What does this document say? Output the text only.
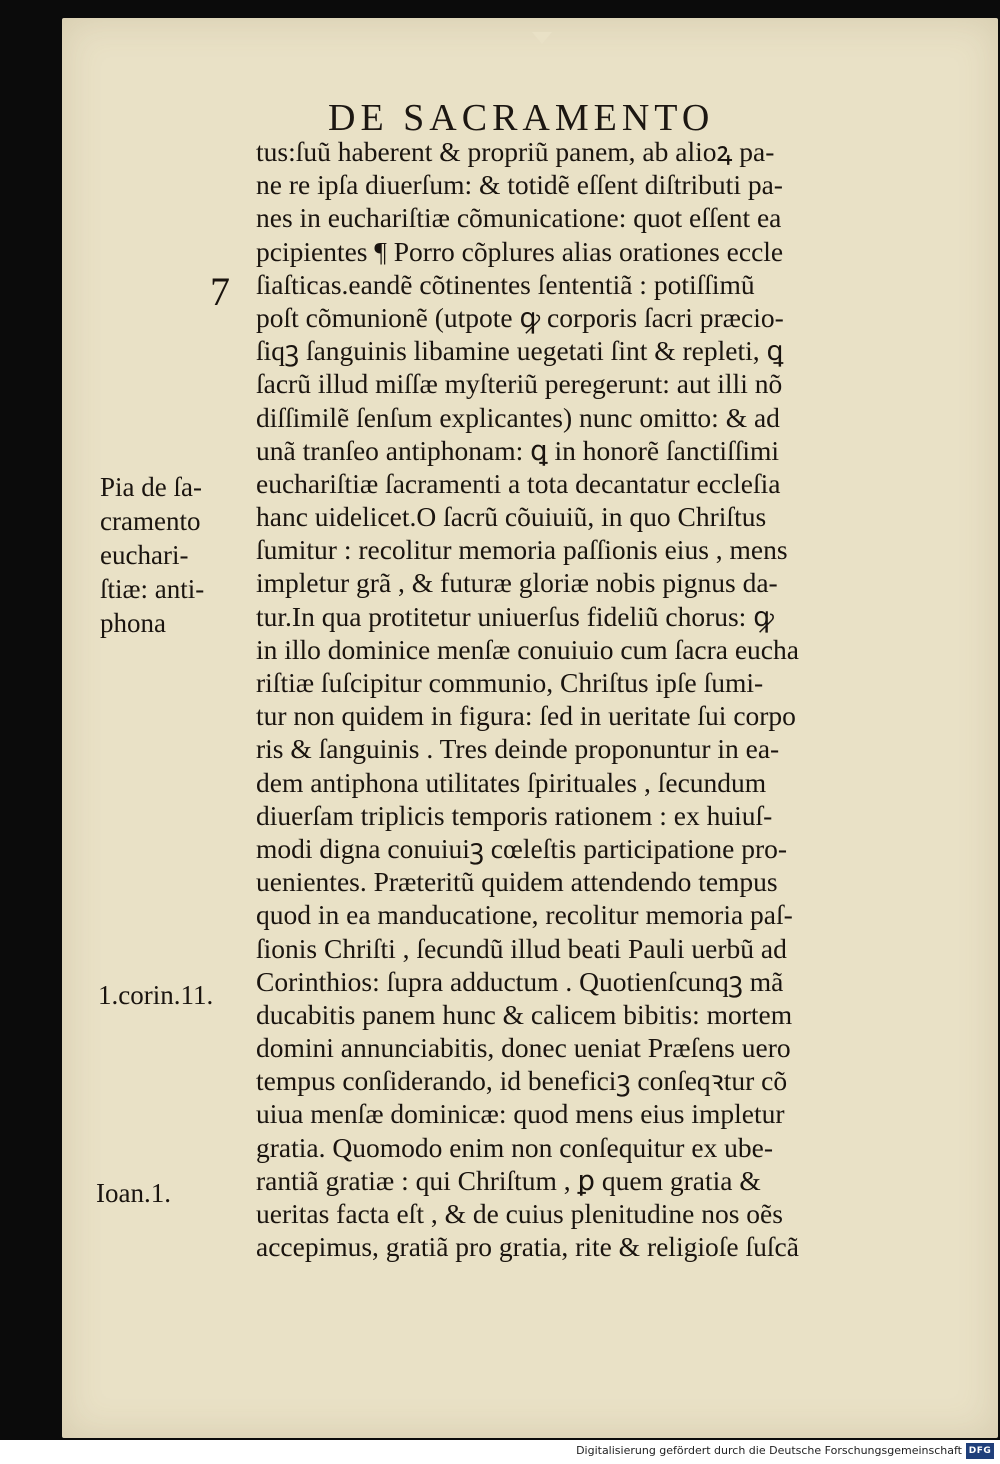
DE SACRAMENTO
7
tus:ſuũ haberent & propriũ panem, ab alioꝝ pa-
ne re ipſa diuerſum: & totidẽ eſſent diſtributi pa-
nes in euchariſtiæ cõmunicatione: quot eſſent ea
pcipientes ¶ Porro cõplures alias orationes eccle
ſiaſticas.eandẽ cõtinentes ſententiã : potiſſimũ
poſt cõmunionẽ (utpote ꝙ corporis ſacri præcio-
ſiqꝫ ſanguinis libamine uegetati ſint & repleti, ꝗ
ſacrũ illud miſſæ myſteriũ peregerunt: aut illi nõ
diſſimilẽ ſenſum explicantes) nunc omitto: & ad
unã tranſeo antiphonam: ꝗ in honorẽ ſanctiſſimi
euchariſtiæ ſacramenti a tota decantatur eccleſia
hanc uidelicet.O ſacrũ cõuiuiũ, in quo Chriſtus
ſumitur : recolitur memoria paſſionis eius , mens
impletur grã , & futuræ gloriæ nobis pignus da-
tur.In qua protitetur uniuerſus fideliũ chorus: ꝙ
in illo dominice menſæ conuiuio cum ſacra eucha
riſtiæ ſuſcipitur communio, Chriſtus ipſe ſumi-
tur non quidem in figura: ſed in ueritate ſui corpo
ris & ſanguinis . Tres deinde proponuntur in ea-
dem antiphona utilitates ſpirituales , ſecundum
diuerſam triplicis temporis rationem : ex huiuſ-
modi digna conuiuiꝫ cœleſtis participatione pro-
uenientes. Præteritũ quidem attendendo tempus
quod in ea manducatione, recolitur memoria paſ-
ſionis Chriſti , ſecundũ illud beati Pauli uerbũ ad
Corinthios: ſupra adductum . Quotienſcunqꝫ mã
ducabitis panem hunc & calicem bibitis: mortem
domini annunciabitis, donec ueniat Præſens uero
tempus conſiderando, id beneficiꝫ conſeqꝛtur cõ
uiua menſæ dominicæ: quod mens eius impletur
gratia. Quomodo enim non conſequitur ex ube-
rantiã gratiæ : qui Chriſtum , ꝑ quem gratia &
ueritas facta eſt , & de cuius plenitudine nos oẽs
accepimus, gratiã pro gratia, rite & religioſe ſuſcã
Pia de ſa-
cramento
euchari-
ſtiæ: anti-
phona
1.corin.11.
Ioan.1.
Digitalisierung gefördert durch die Deutsche Forschungsgemeinschaft DFG
